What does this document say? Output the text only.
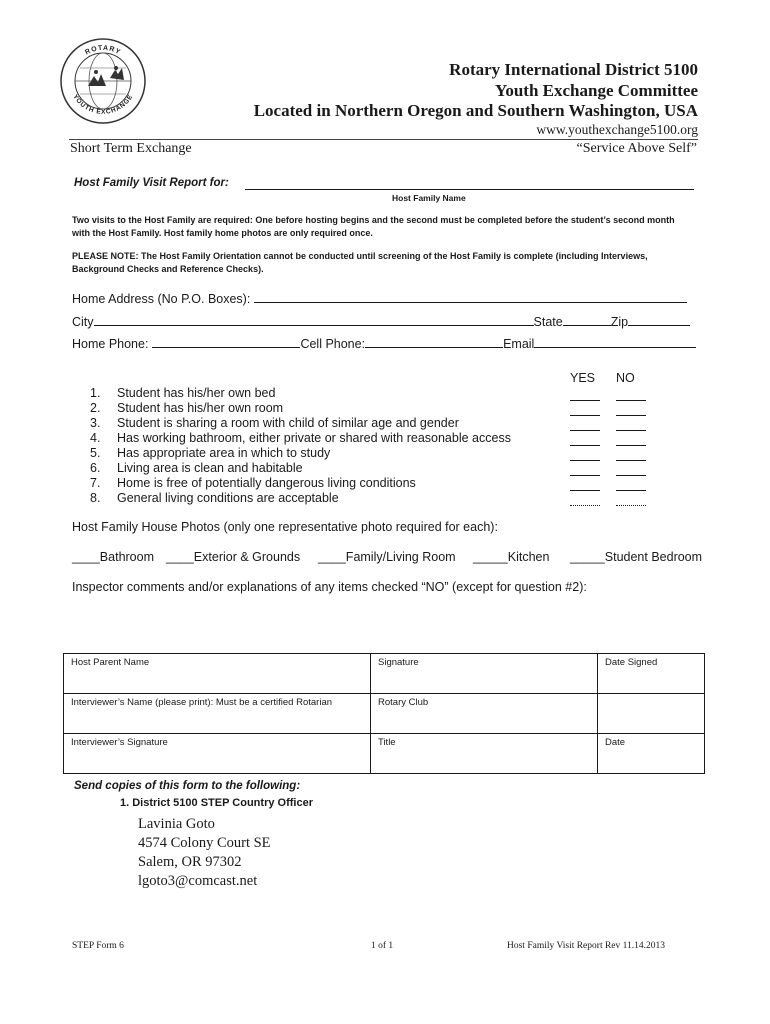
ROTARY
YOUTH EXCHANGE
Rotary International District 5100
Youth Exchange Committee
Located in Northern Oregon and Southern Washington, USA
www.youthexchange5100.org
Short Term Exchange	“Service Above Self”
Host Family Visit Report for:
Host Family Name
Two visits to the Host Family are required: One before hosting begins and the second must be completed before the student’s second month with the Host Family. Host family home photos are only required once.
PLEASE NOTE: The Host Family Orientation cannot be conducted until screening of the Host Family is complete (including Interviews, Background Checks and Reference Checks).
Home Address (No P.O. Boxes):
City	State	Zip
Home Phone:	Cell Phone:	Email
YES NO
1. Student has his/her own bed
2. Student has his/her own room
3. Student is sharing a room with child of similar age and gender
4. Has working bathroom, either private or shared with reasonable access
5. Has appropriate area in which to study
6. Living area is clean and habitable
7. Home is free of potentially dangerous living conditions
8. General living conditions are acceptable
Host Family House Photos (only one representative photo required for each):
____Bathroom ____Exterior & Grounds ____Family/Living Room _____Kitchen _____Student Bedroom
Inspector comments and/or explanations of any items checked “NO” (except for question #2):
Host Parent Name	Signature	Date Signed
Interviewer’s Name (please print): Must be a certified Rotarian	Rotary Club	
Interviewer’s Signature	Title	Date
Send copies of this form to the following:
1. District 5100 STEP Country Officer
Lavinia Goto
4574 Colony Court SE
Salem, OR 97302
lgoto3@comcast.net
STEP Form 6	1 of 1	Host Family Visit Report Rev 11.14.2013
